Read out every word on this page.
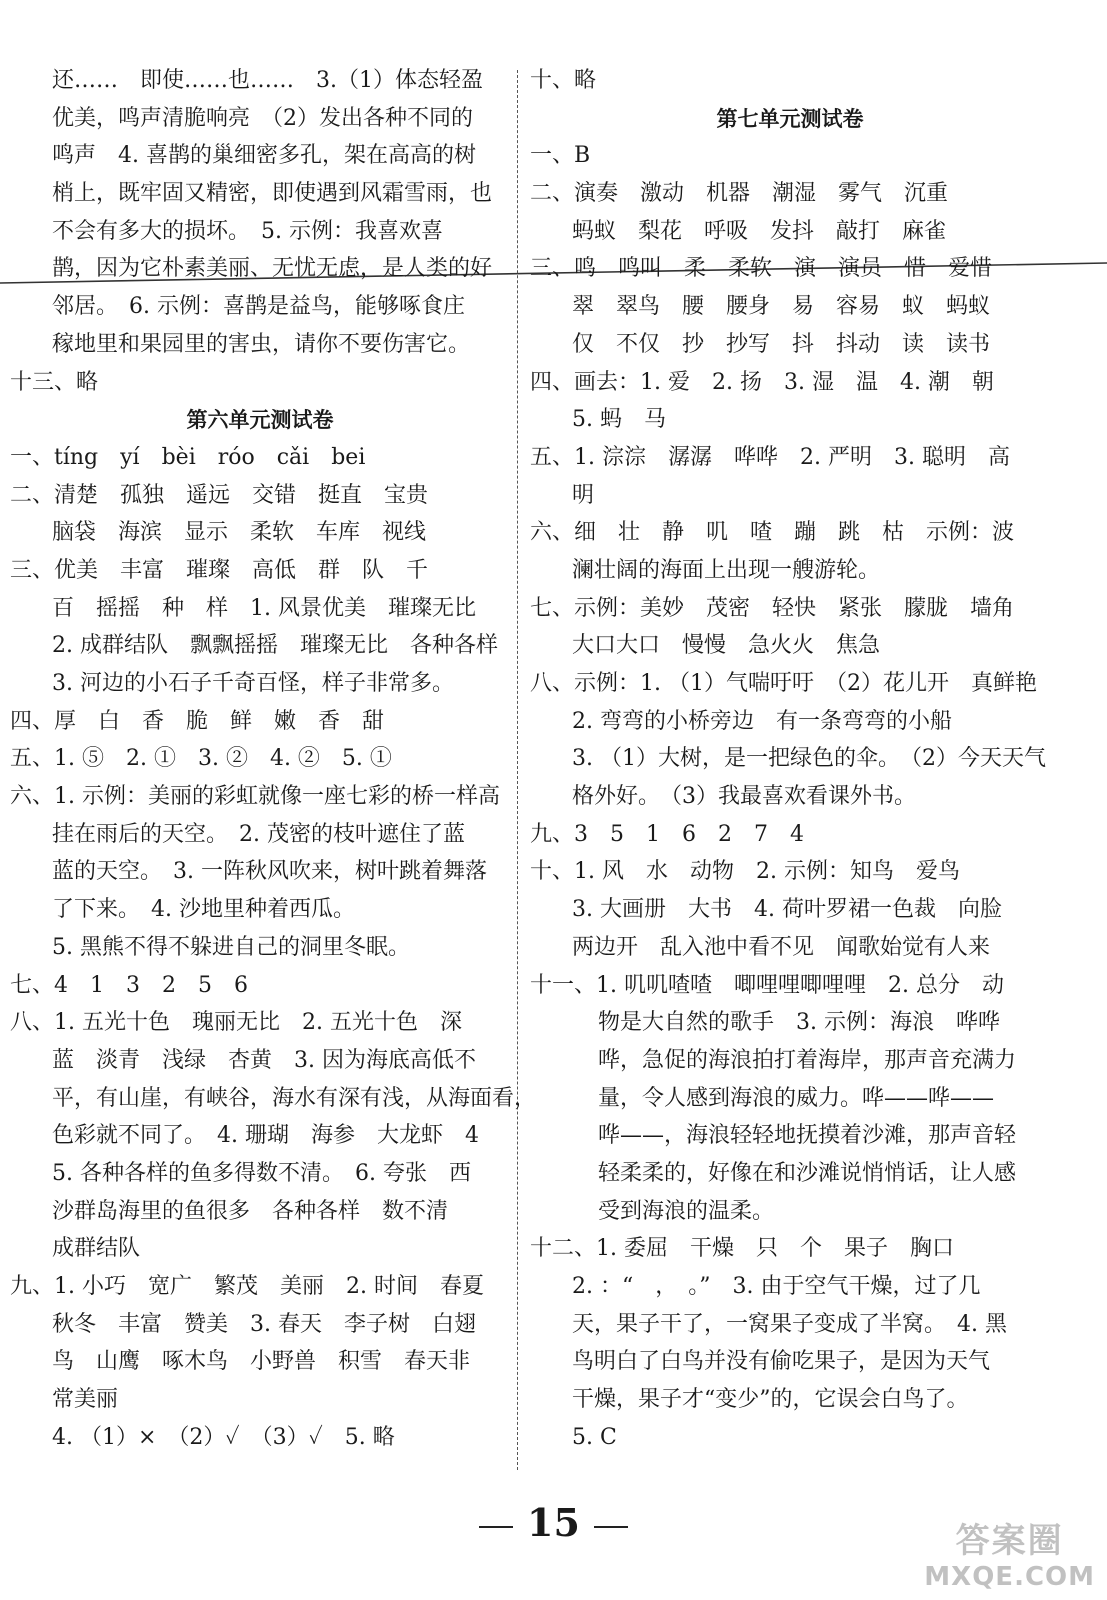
还……　即使……也……　3.（1）体态轻盈
优美，鸣声清脆响亮　（2）发出各种不同的
鸣声　4. 喜鹊的巢细密多孔，架在高高的树
梢上，既牢固又精密，即使遇到风霜雪雨，也
不会有多大的损坏。　5. 示例：我喜欢喜
鹊，因为它朴素美丽、无忧无虑，是人类的好
邻居。　6. 示例：喜鹊是益鸟，能够啄食庄
稼地里和果园里的害虫，请你不要伤害它。
十三、略
第六单元测试卷
一、tíng　yí　bèi　róo　cǎi　bei
二、清楚　孤独　遥远　交错　挺直　宝贵
脑袋　海滨　显示　柔软　车库　视线
三、优美　丰富　璀璨　高低　群　队　千
百　摇摇　种　样　1. 风景优美　璀璨无比
2. 成群结队　飘飘摇摇　璀璨无比　各种各样
3. 河边的小石子千奇百怪，样子非常多。
四、厚　白　香　脆　鲜　嫩　香　甜
五、1. ⑤　2. ①　3. ②　4. ②　5. ①
六、1. 示例：美丽的彩虹就像一座七彩的桥一样高
挂在雨后的天空。　2. 茂密的枝叶遮住了蓝
蓝的天空。　3. 一阵秋风吹来，树叶跳着舞落
了下来。　4. 沙地里种着西瓜。
5. 黑熊不得不躲进自己的洞里冬眠。
七、4　1　3　2　5　6
八、1. 五光十色　瑰丽无比　2. 五光十色　深
蓝　淡青　浅绿　杏黄　3. 因为海底高低不
平，有山崖，有峡谷，海水有深有浅，从海面看，
色彩就不同了。　4. 珊瑚　海参　大龙虾　4
5. 各种各样的鱼多得数不清。　6. 夸张　西
沙群岛海里的鱼很多　各种各样　数不清
成群结队
九、1. 小巧　宽广　繁茂　美丽　2. 时间　春夏
秋冬　丰富　赞美　3. 春天　李子树　白翅
鸟　山鹰　啄木鸟　小野兽　积雪　春天非
常美丽
4. （1）×　（2）✓　（3）✓　5. 略
十、略
第七单元测试卷
一、B
二、演奏　激动　机器　潮湿　雾气　沉重
蚂蚁　梨花　呼吸　发抖　敲打　麻雀
三、鸣　鸣叫　柔　柔软　演　演员　惜　爱惜
翠　翠鸟　腰　腰身　易　容易　蚁　蚂蚁
仅　不仅　抄　抄写　抖　抖动　读　读书
四、画去：1. 爱　2. 扬　3. 湿　温　4. 潮　朝
5. 蚂　马
五、1. 淙淙　潺潺　哗哗　2. 严明　3. 聪明　高
明
六、细　壮　静　叽　喳　蹦　跳　枯　示例：波
澜壮阔的海面上出现一艘游轮。
七、示例：美妙　茂密　轻快　紧张　朦胧　墙角
大口大口　慢慢　急火火　焦急
八、示例：1. （1）气喘吁吁　（2）花儿开　真鲜艳
2. 弯弯的小桥旁边　有一条弯弯的小船
3. （1）大树，是一把绿色的伞。　（2）今天天气
格外好。　（3）我最喜欢看课外书。
九、3　5　1　6　2　7　4
十、1. 风　水　动物　2. 示例：知鸟　爱鸟
3. 大画册　大书　4. 荷叶罗裙一色裁　向脸
两边开　乱入池中看不见　闻歌始觉有人来
十一、1. 叽叽喳喳　唧哩哩唧哩哩　2. 总分　动
物是大自然的歌手　3. 示例：海浪　哗哗
哗，急促的海浪拍打着海岸，那声音充满力
量，令人感到海浪的威力。哗——哗——
哗——，海浪轻轻地抚摸着沙滩，那声音轻
轻柔柔的，好像在和沙滩说悄悄话，让人感
受到海浪的温柔。
十二、1. 委屈　干燥　只　个　果子　胸口
2. ：“　，　。”　3. 由于空气干燥，过了几
天，果子干了，一窝果子变成了半窝。　4. 黑
鸟明白了白鸟并没有偷吃果子，是因为天气
干燥，果子才“变少”的，它误会白鸟了。
5. C
15	答案圈
MXQE.COM
